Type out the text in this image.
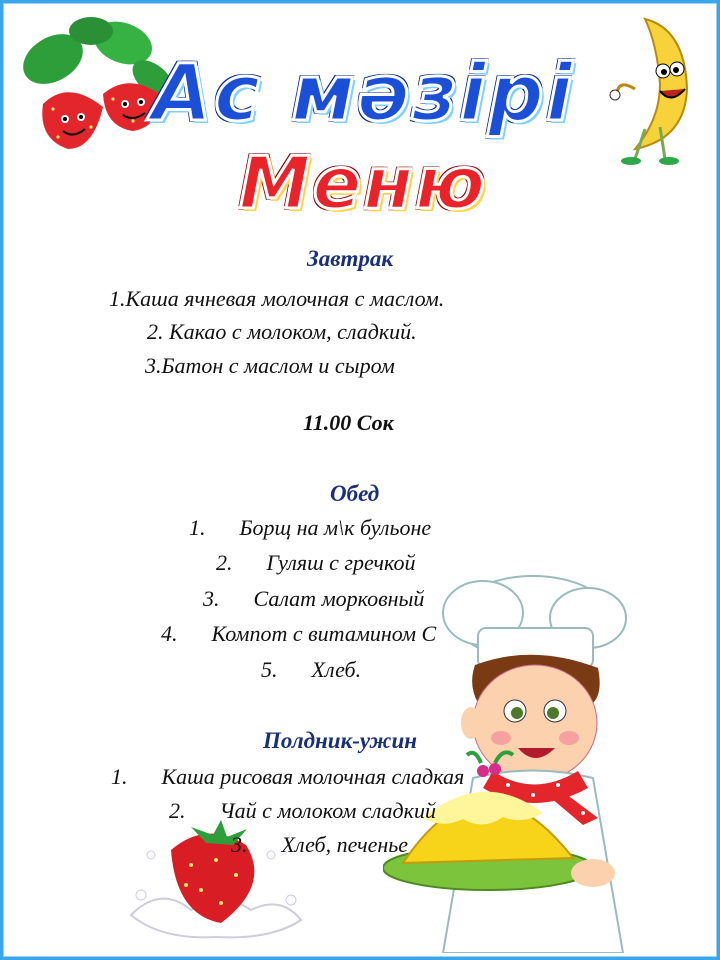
Ас мәзірі
Меню
Завтрак
1.Каша ячневая молочная с маслом.
2. Какао с молоком, сладкий.
3.Батон с маслом и сыром
11.00 Сок
Обед
1. Борщ на м\к бульоне
2. Гуляш с гречкой
3. Салат морковный
4. Компот с витамином С
5. Хлеб.
Полдник-ужин
1. Каша рисовая молочная сладкая
2. Чай с молоком сладкий
3. Хлеб, печенье
